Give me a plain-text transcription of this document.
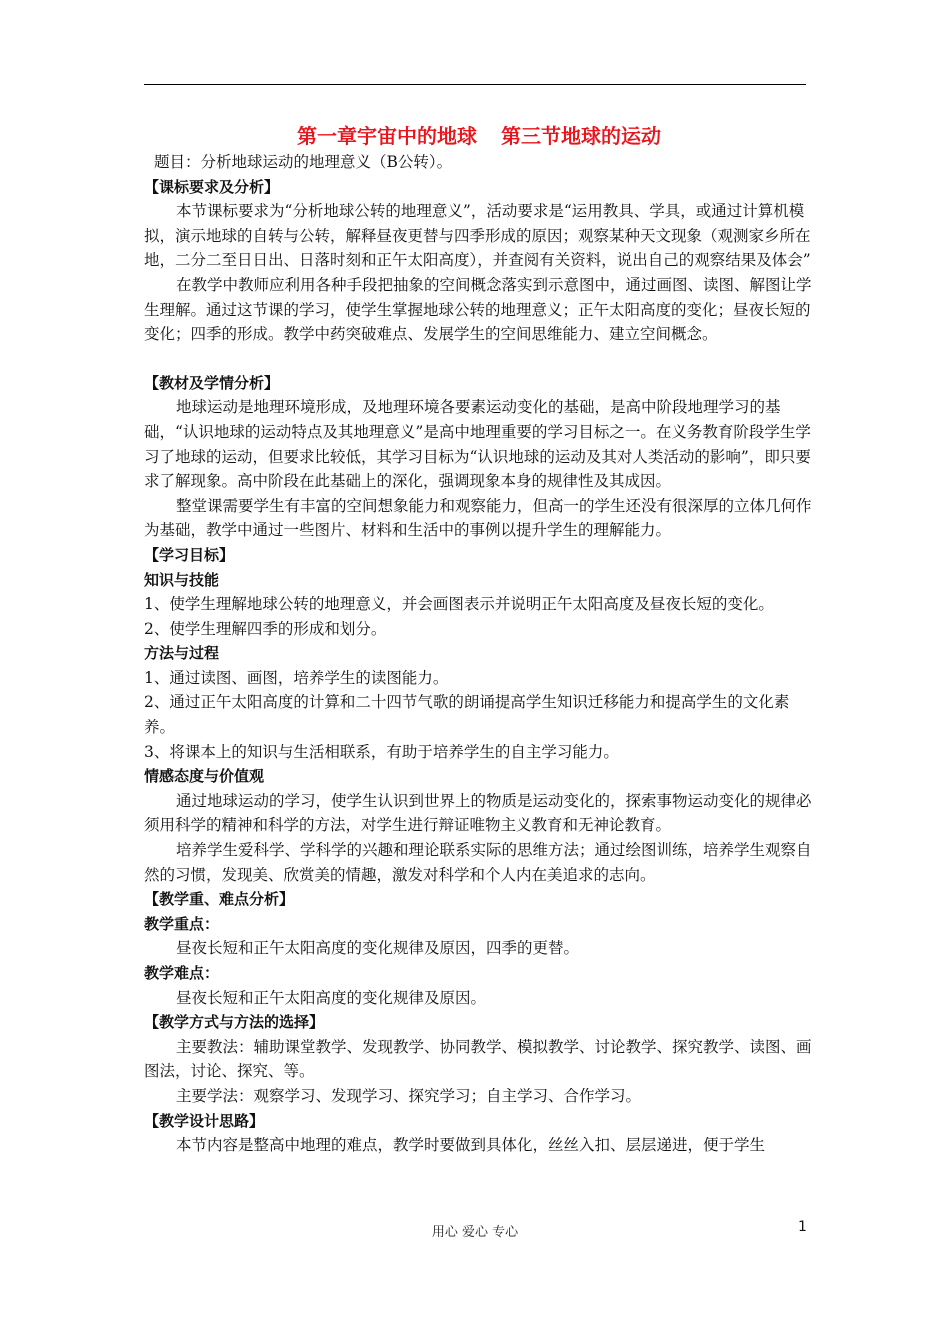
第一章宇宙中的地球 第三节地球的运动
题目：分析地球运动的地理意义（B公转）。
【课标要求及分析】

本节课标要求为“分析地球公转的地理意义”，活动要求是“运用教具、学具，或通过计算机模拟，演示地球的自转与公转，解释昼夜更替与四季形成的原因；观察某种天文现象（观测家乡所在地，二分二至日日出、日落时刻和正午太阳高度），并查阅有关资料，说出自己的观察结果及体会”

在教学中教师应利用各种手段把抽象的空间概念落实到示意图中，通过画图、读图、解图让学生理解。通过这节课的学习，使学生掌握地球公转的地理意义；正午太阳高度的变化；昼夜长短的变化；四季的形成。教学中药突破难点、发展学生的空间思维能力、建立空间概念。

【教材及学情分析】

地球运动是地理环境形成，及地理环境各要素运动变化的基础，是高中阶段地理学习的基础，“认识地球的运动特点及其地理意义”是高中地理重要的学习目标之一。在义务教育阶段学生学习了地球的运动，但要求比较低，其学习目标为“认识地球的运动及其对人类活动的影响”，即只要求了解现象。高中阶段在此基础上的深化，强调现象本身的规律性及其成因。

整堂课需要学生有丰富的空间想象能力和观察能力，但高一的学生还没有很深厚的立体几何作为基础，教学中通过一些图片、材料和生活中的事例以提升学生的理解能力。

【学习目标】
知识与技能

1、使学生理解地球公转的地理意义，并会画图表示并说明正午太阳高度及昼夜长短的变化。

2、使学生理解四季的形成和划分。

方法与过程

1、通过读图、画图，培养学生的读图能力。

2、通过正午太阳高度的计算和二十四节气歌的朗诵提高学生知识迁移能力和提高学生的文化素养。

3、将课本上的知识与生活相联系，有助于培养学生的自主学习能力。

情感态度与价值观

通过地球运动的学习，使学生认识到世界上的物质是运动变化的，探索事物运动变化的规律必须用科学的精神和科学的方法，对学生进行辩证唯物主义教育和无神论教育。

培养学生爱科学、学科学的兴趣和理论联系实际的思维方法；通过绘图训练，培养学生观察自然的习惯，发现美、欣赏美的情趣，激发对科学和个人内在美追求的志向。

【教学重、难点分析】
教学重点：

昼夜长短和正午太阳高度的变化规律及原因，四季的更替。

教学难点：

昼夜长短和正午太阳高度的变化规律及原因。

【教学方式与方法的选择】

主要教法：辅助课堂教学、发现教学、协同教学、模拟教学、讨论教学、探究教学、读图、画图法，讨论、探究、等。

主要学法：观察学习、发现学习、探究学习；自主学习、合作学习。

【教学设计思路】

本节内容是整高中地理的难点，教学时要做到具体化，丝丝入扣、层层递进，便于学生

用心 爱心 专心	1
